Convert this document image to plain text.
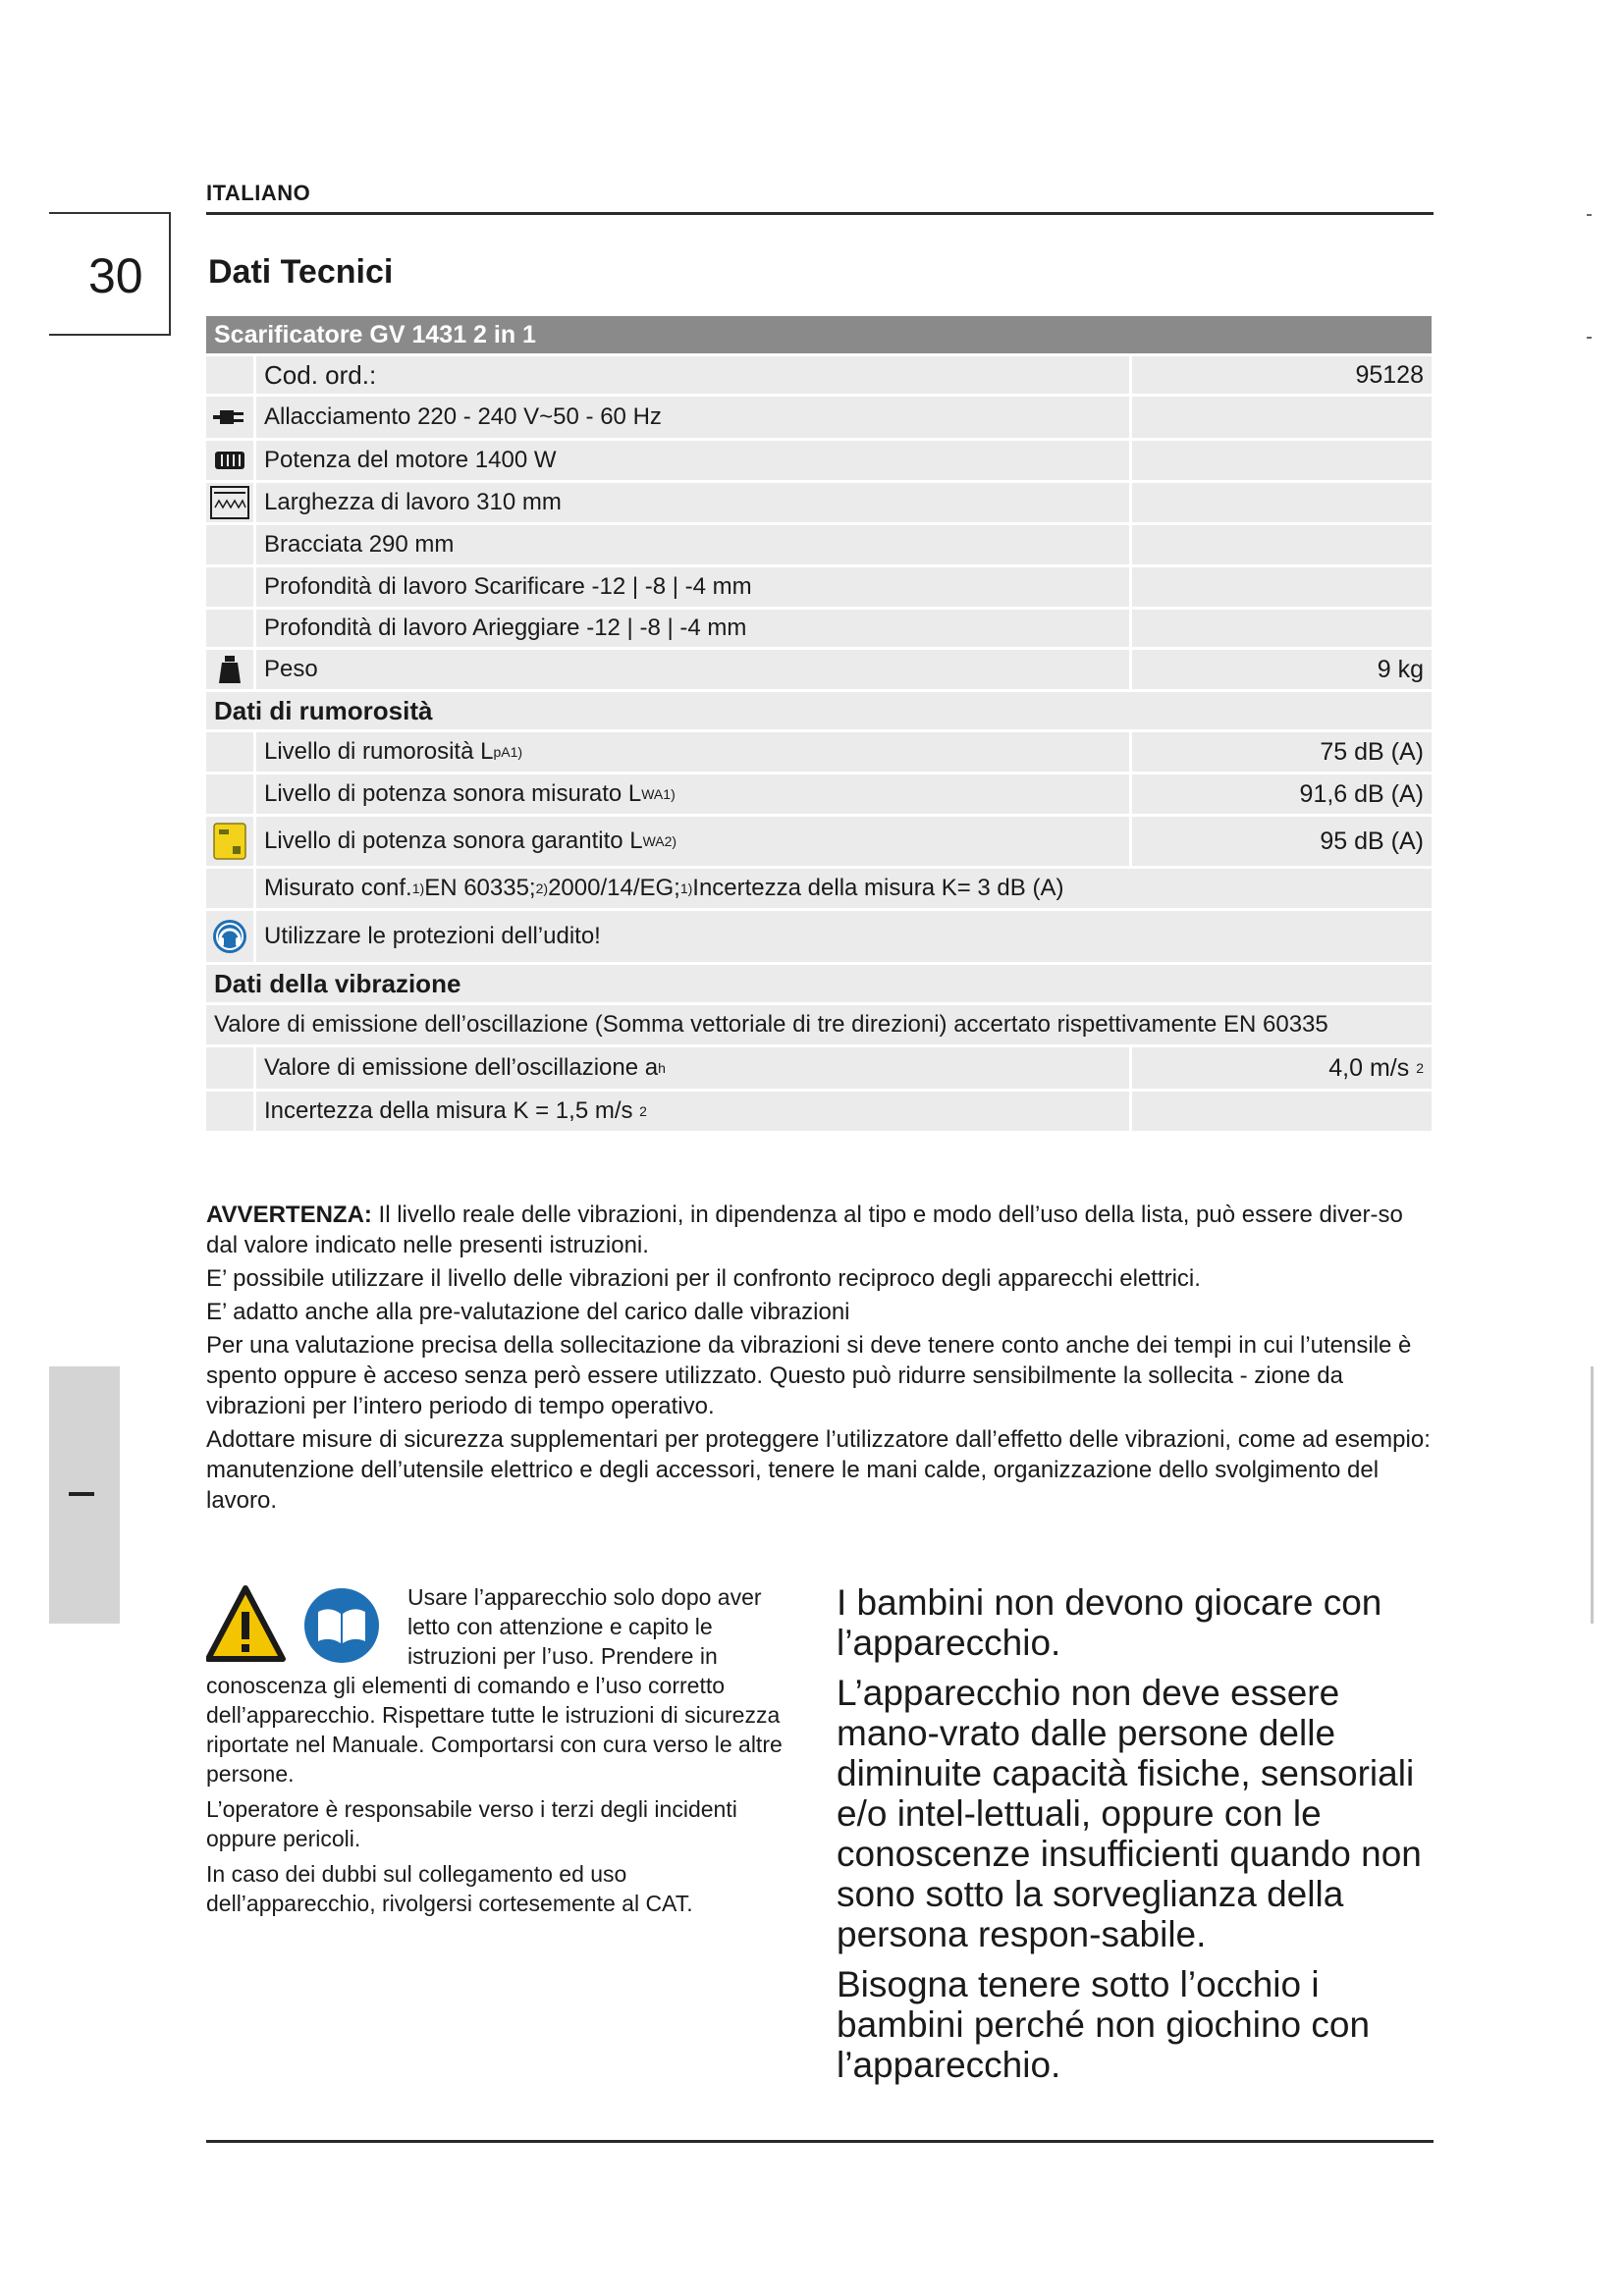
ITALIANO
30 Dati Tecnici
Scarificatore GV 1431 2 in 1
Cod. ord.:	95128
Allacciamento 220 - 240 V~50 - 60 Hz
Potenza del motore 1400 W
Larghezza di lavoro 310 mm
Bracciata 290 mm
Profondità di lavoro Scarificare -12 | -8 | -4 mm
Profondità di lavoro Arieggiare -12 | -8 | -4 mm
Peso	9 kg
Dati di rumorosità
Livello di rumorosità L pA 1)	75 dB (A)
Livello di potenza sonora misurato L WA 1)	91,6 dB (A)
Livello di potenza sonora garantito L WA 2)	95 dB (A)
Misurato conf. 1) EN 60335; 2) 2000/14/EG; 1) Incertezza della misura K= 3 dB (A)
Utilizzare le protezioni dell’udito!
Dati della vibrazione
Valore di emissione dell’oscillazione (Somma vettoriale di tre direzioni) accertato rispettivamente EN 60335
Valore di emissione dell’oscillazione a h	4,0 m/s
2
Incertezza della misura K = 1,5 m/s
2

AVVERTENZA: Il livello reale delle vibrazioni, in dipendenza al tipo e modo dell’uso della lista, può essere diver-so dal valore indicato nelle presenti istruzioni.

E’ possibile utilizzare il livello delle vibrazioni per il confronto reciproco degli apparecchi elettrici.

E’ adatto anche alla pre-valutazione del carico dalle vibrazioni

Per una valutazione precisa della sollecitazione da vibrazioni si deve tenere conto anche dei tempi in cui l’utensile è spento oppure è acceso senza però essere utilizzato. Questo può ridurre sensibilmente la sollecita - zione da vibrazioni per l’intero periodo di tempo operativo.

Adottare misure di sicurezza supplementari per proteggere l’utilizzatore dall’effetto delle vibrazioni, come ad esempio: manutenzione dell’utensile elettrico e degli accessori, tenere le mani calde, organizzazione dello svolgimento del lavoro.

Usare l’apparecchio solo dopo aver letto con attenzione e capito le istruzioni per l’uso. Prendere in conoscenza gli elementi di comando e l’uso corretto dell’apparecchio. Rispettare tutte le istruzioni di sicurezza riportate nel Manuale. Comportarsi con cura verso le altre persone.

L’operatore è responsabile verso i terzi degli incidenti oppure pericoli.

In caso dei dubbi sul collegamento ed uso dell’apparecchio, rivolgersi cortesemente al CAT.

I bambini non devono giocare con l’apparecchio.

L’apparecchio non deve essere mano-vrato dalle persone delle diminuite capacità fisiche, sensoriali e/o intel-lettuali, oppure con le conoscenze insufficienti quando non sono sotto la sorveglianza della persona respon-sabile.

Bisogna tenere sotto l’occhio i bambini perché non giochino con l’apparecchio.
